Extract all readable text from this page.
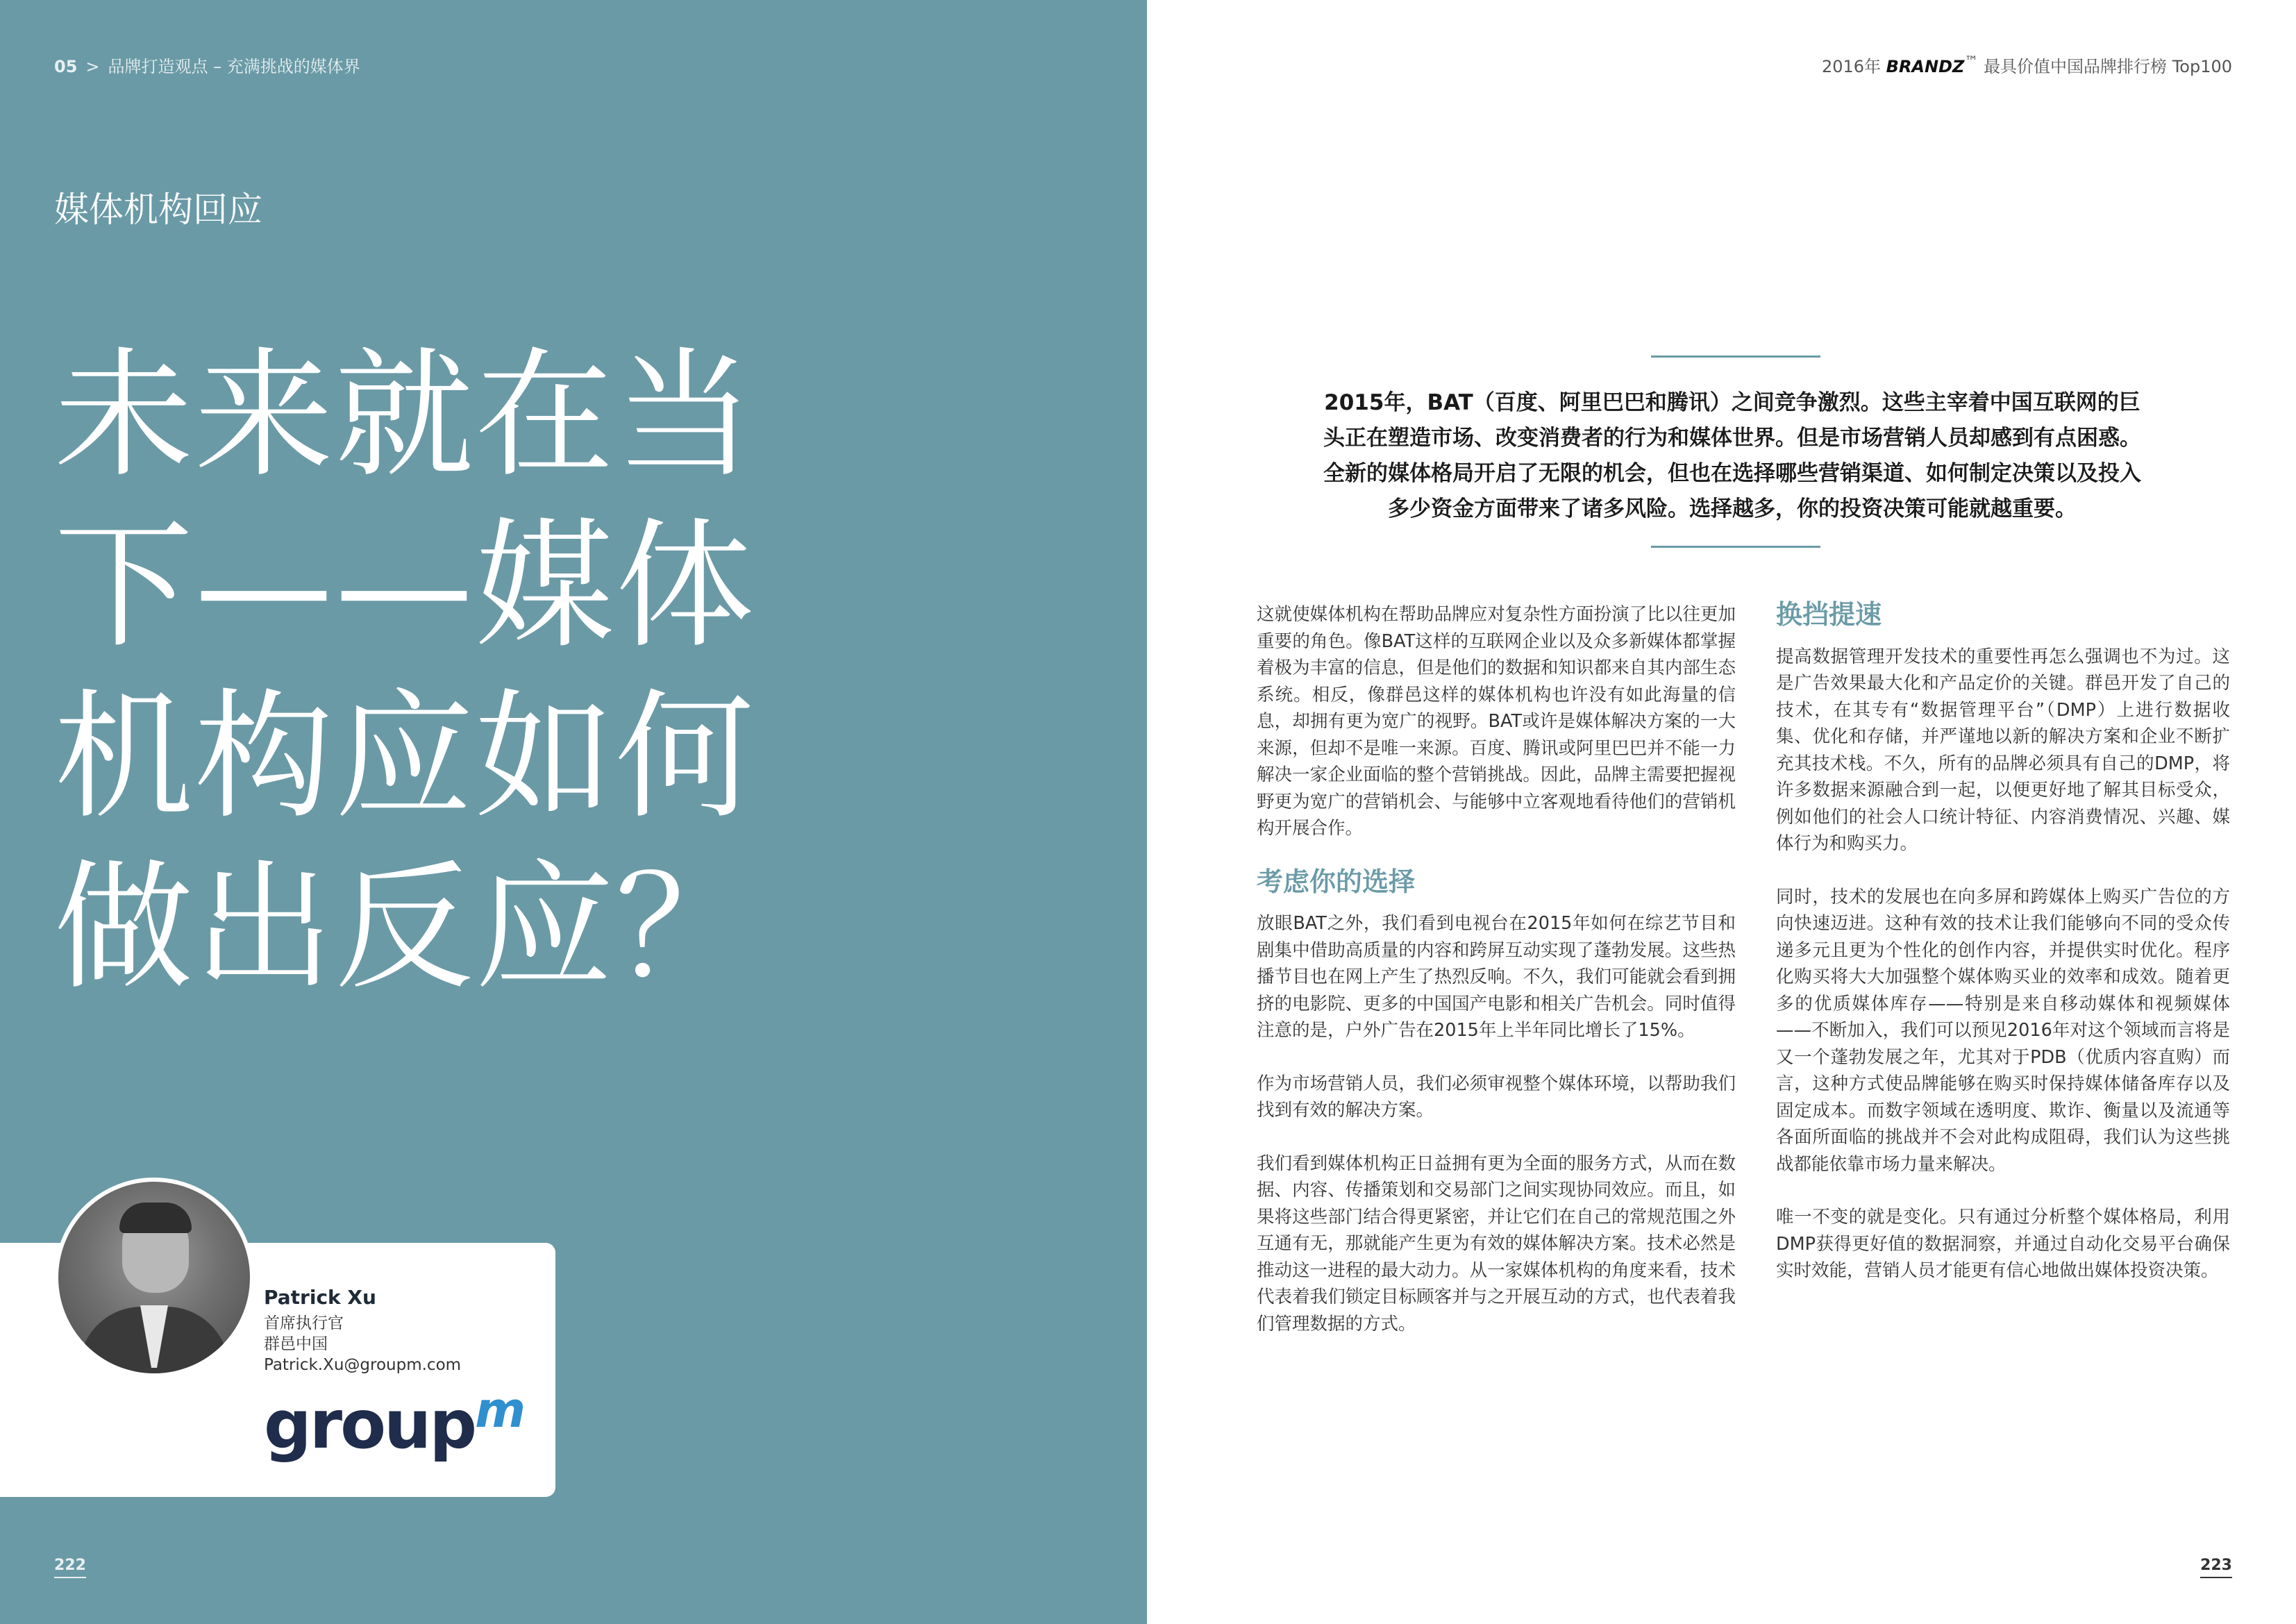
05 > 品牌打造观点 – 充满挑战的媒体界
媒体机构回应
未来就在当
下——媒体
机构应如何
做出反应？
Patrick Xu
首席执行官
群邑中国
Patrick.Xu@groupm.com
group$^m$
222
2016年 BRANDZ™ 最具价值中国品牌排行榜 Top100
2015年，BAT（百度、阿里巴巴和腾讯）之间竞争激烈。这些主宰着中国互联网的巨头正在塑造市场、改变消费者的行为和媒体世界。但是市场营销人员却感到有点困惑。全新的媒体格局开启了无限的机会，但也在选择哪些营销渠道、如何制定决策以及投入多少资金方面带来了诸多风险。选择越多，你的投资决策可能就越重要。

这就使媒体机构在帮助品牌应对复杂性方面扮演了比以往更加重要的角色。像BAT这样的互联网企业以及众多新媒体都掌握着极为丰富的信息，但是他们的数据和知识都来自其内部生态系统。相反，像群邑这样的媒体机构也许没有如此海量的信息，却拥有更为宽广的视野。BAT或许是媒体解决方案的一大来源，但却不是唯一来源。百度、腾讯或阿里巴巴并不能一力解决一家企业面临的整个营销挑战。因此，品牌主需要把握视野更为宽广的营销机会、与能够中立客观地看待他们的营销机构开展合作。

考虑你的选择

放眼BAT之外，我们看到电视台在2015年如何在综艺节目和剧集中借助高质量的内容和跨屏互动实现了蓬勃发展。这些热播节目也在网上产生了热烈反响。不久，我们可能就会看到拥挤的电影院、更多的中国国产电影和相关广告机会。同时值得注意的是，户外广告在2015年上半年同比增长了15%。

作为市场营销人员，我们必须审视整个媒体环境，以帮助我们找到有效的解决方案。

我们看到媒体机构正日益拥有更为全面的服务方式，从而在数据、内容、传播策划和交易部门之间实现协同效应。而且，如果将这些部门结合得更紧密，并让它们在自己的常规范围之外互通有无，那就能产生更为有效的媒体解决方案。技术必然是推动这一进程的最大动力。从一家媒体机构的角度来看，技术代表着我们锁定目标顾客并与之开展互动的方式，也代表着我们管理数据的方式。

换挡提速

提高数据管理开发技术的重要性再怎么强调也不为过。这是广告效果最大化和产品定价的关键。群邑开发了自己的技术，在其专有“数据管理平台”（DMP）上进行数据收集、优化和存储，并严谨地以新的解决方案和企业不断扩充其技术栈。不久，所有的品牌必须具有自己的DMP，将许多数据来源融合到一起，以便更好地了解其目标受众，例如他们的社会人口统计特征、内容消费情况、兴趣、媒体行为和购买力。

同时，技术的发展也在向多屏和跨媒体上购买广告位的方向快速迈进。这种有效的技术让我们能够向不同的受众传递多元且更为个性化的创作内容，并提供实时优化。程序化购买将大大加强整个媒体购买业的效率和成效。随着更多的优质媒体库存——特别是来自移动媒体和视频媒体——不断加入，我们可以预见2016年对这个领域而言将是又一个蓬勃发展之年，尤其对于PDB（优质内容直购）而言，这种方式使品牌能够在购买时保持媒体储备库存以及固定成本。而数字领域在透明度、欺诈、衡量以及流通等各面所面临的挑战并不会对此构成阻碍，我们认为这些挑战都能依靠市场力量来解决。

唯一不变的就是变化。只有通过分析整个媒体格局，利用DMP获得更好值的数据洞察，并通过自动化交易平台确保实时效能，营销人员才能更有信心地做出媒体投资决策。

223
